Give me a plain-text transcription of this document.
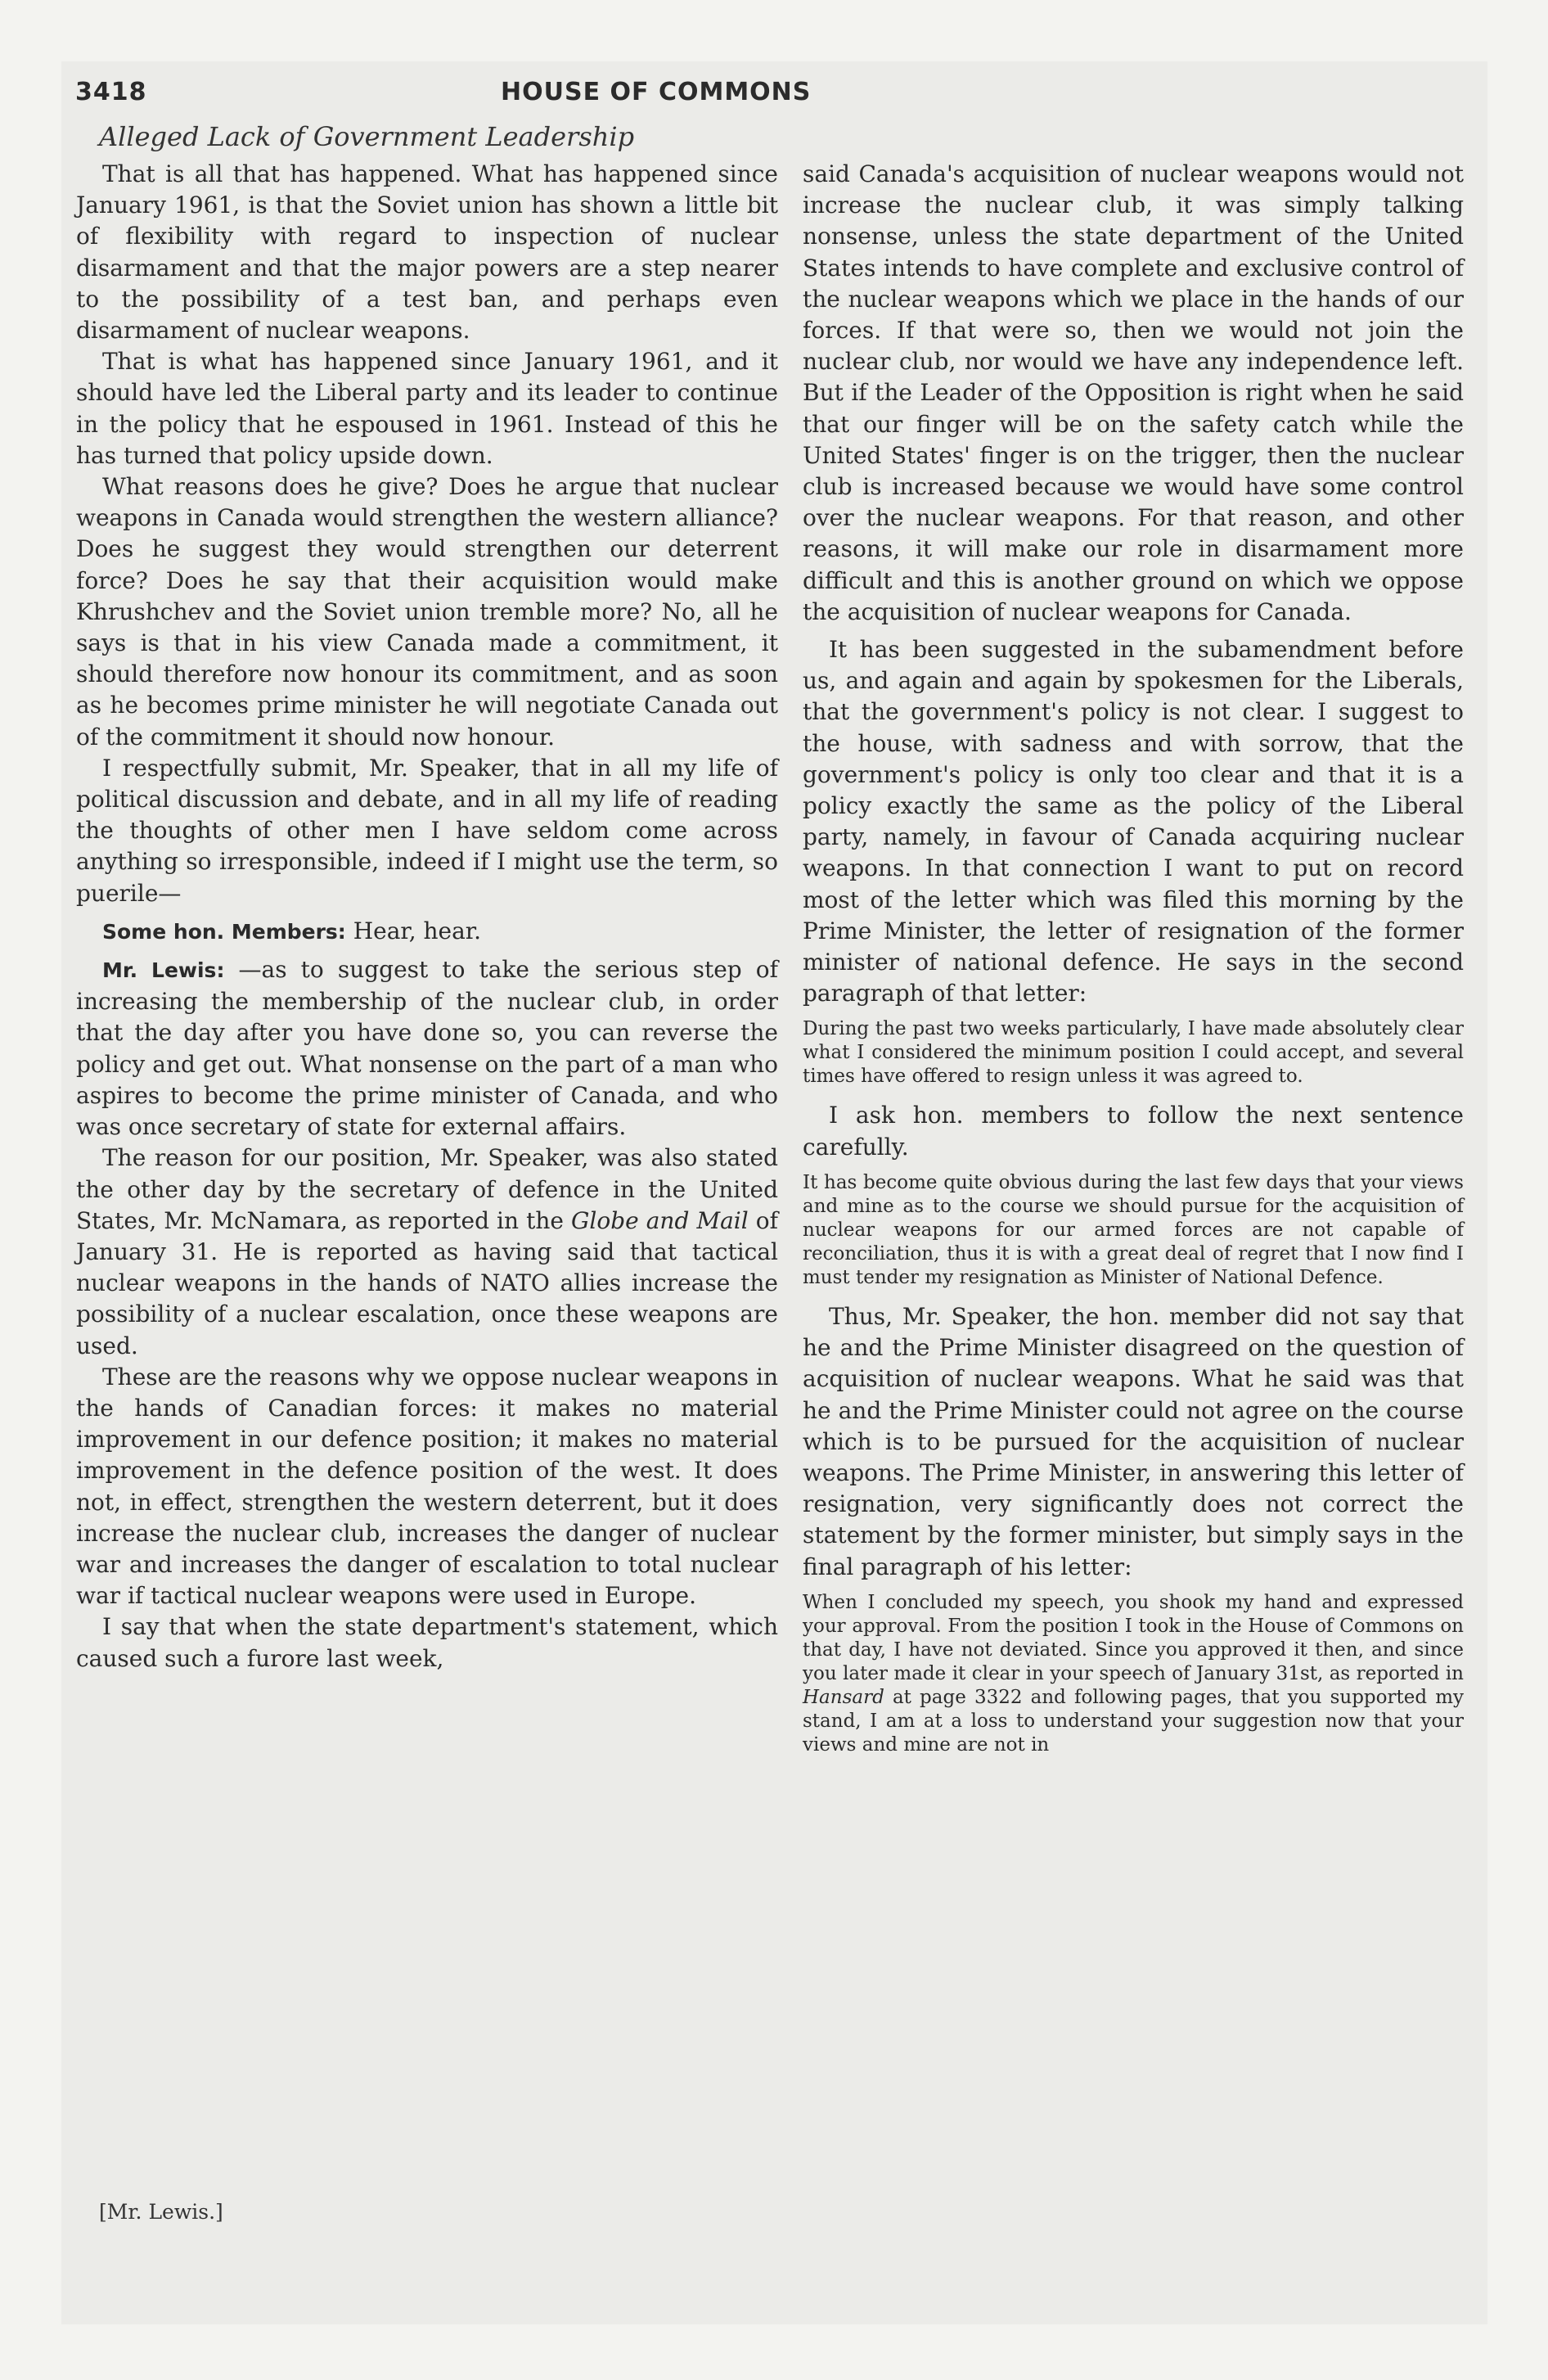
3418	HOUSE OF COMMONS
Alleged Lack of Government Leadership

That is all that has happened. What has happened since January 1961, is that the Soviet union has shown a little bit of flexibility with regard to inspection of nuclear disarmament and that the major powers are a step nearer to the possibility of a test ban, and perhaps even disarmament of nuclear weapons.

That is what has happened since January 1961, and it should have led the Liberal party and its leader to continue in the policy that he espoused in 1961. Instead of this he has turned that policy upside down.

What reasons does he give? Does he argue that nuclear weapons in Canada would strengthen the western alliance? Does he suggest they would strengthen our deterrent force? Does he say that their acquisition would make Khrushchev and the Soviet union tremble more? No, all he says is that in his view Canada made a commitment, it should therefore now honour its commitment, and as soon as he becomes prime minister he will negotiate Canada out of the commitment it should now honour.

I respectfully submit, Mr. Speaker, that in all my life of political discussion and debate, and in all my life of reading the thoughts of other men I have seldom come across anything so irresponsible, indeed if I might use the term, so puerile—

Some hon. Members: Hear, hear.

Mr. Lewis: —as to suggest to take the serious step of increasing the membership of the nuclear club, in order that the day after you have done so, you can reverse the policy and get out. What nonsense on the part of a man who aspires to become the prime minister of Canada, and who was once secretary of state for external affairs.

The reason for our position, Mr. Speaker, was also stated the other day by the secretary of defence in the United States, Mr. McNamara, as reported in the Globe and Mail of January 31. He is reported as having said that tactical nuclear weapons in the hands of NATO allies increase the possibility of a nuclear escalation, once these weapons are used.

These are the reasons why we oppose nuclear weapons in the hands of Canadian forces: it makes no material improvement in our defence position; it makes no material improvement in the defence position of the west. It does not, in effect, strengthen the western deterrent, but it does increase the nuclear club, increases the danger of nuclear war and increases the danger of escalation to total nuclear war if tactical nuclear weapons were used in Europe.

I say that when the state department's statement, which caused such a furore last week,

said Canada's acquisition of nuclear weapons would not increase the nuclear club, it was simply talking nonsense, unless the state department of the United States intends to have complete and exclusive control of the nuclear weapons which we place in the hands of our forces. If that were so, then we would not join the nuclear club, nor would we have any independence left. But if the Leader of the Opposition is right when he said that our finger will be on the safety catch while the United States' finger is on the trigger, then the nuclear club is increased because we would have some control over the nuclear weapons. For that reason, and other reasons, it will make our role in disarmament more difficult and this is another ground on which we oppose the acquisition of nuclear weapons for Canada.

It has been suggested in the subamendment before us, and again and again by spokesmen for the Liberals, that the government's policy is not clear. I suggest to the house, with sadness and with sorrow, that the government's policy is only too clear and that it is a policy exactly the same as the policy of the Liberal party, namely, in favour of Canada acquiring nuclear weapons. In that connection I want to put on record most of the letter which was filed this morning by the Prime Minister, the letter of resignation of the former minister of national defence. He says in the second paragraph of that letter:

During the past two weeks particularly, I have made absolutely clear what I considered the minimum position I could accept, and several times have offered to resign unless it was agreed to.

I ask hon. members to follow the next sentence carefully.

It has become quite obvious during the last few days that your views and mine as to the course we should pursue for the acquisition of nuclear weapons for our armed forces are not capable of reconciliation, thus it is with a great deal of regret that I now find I must tender my resignation as Minister of National Defence.

Thus, Mr. Speaker, the hon. member did not say that he and the Prime Minister disagreed on the question of acquisition of nuclear weapons. What he said was that he and the Prime Minister could not agree on the course which is to be pursued for the acquisition of nuclear weapons. The Prime Minister, in answering this letter of resignation, very significantly does not correct the statement by the former minister, but simply says in the final paragraph of his letter:

When I concluded my speech, you shook my hand and expressed your approval. From the position I took in the House of Commons on that day, I have not deviated. Since you approved it then, and since you later made it clear in your speech of January 31st, as reported in Hansard at page 3322 and following pages, that you supported my stand, I am at a loss to understand your suggestion now that your views and mine are not in

[Mr. Lewis.]
